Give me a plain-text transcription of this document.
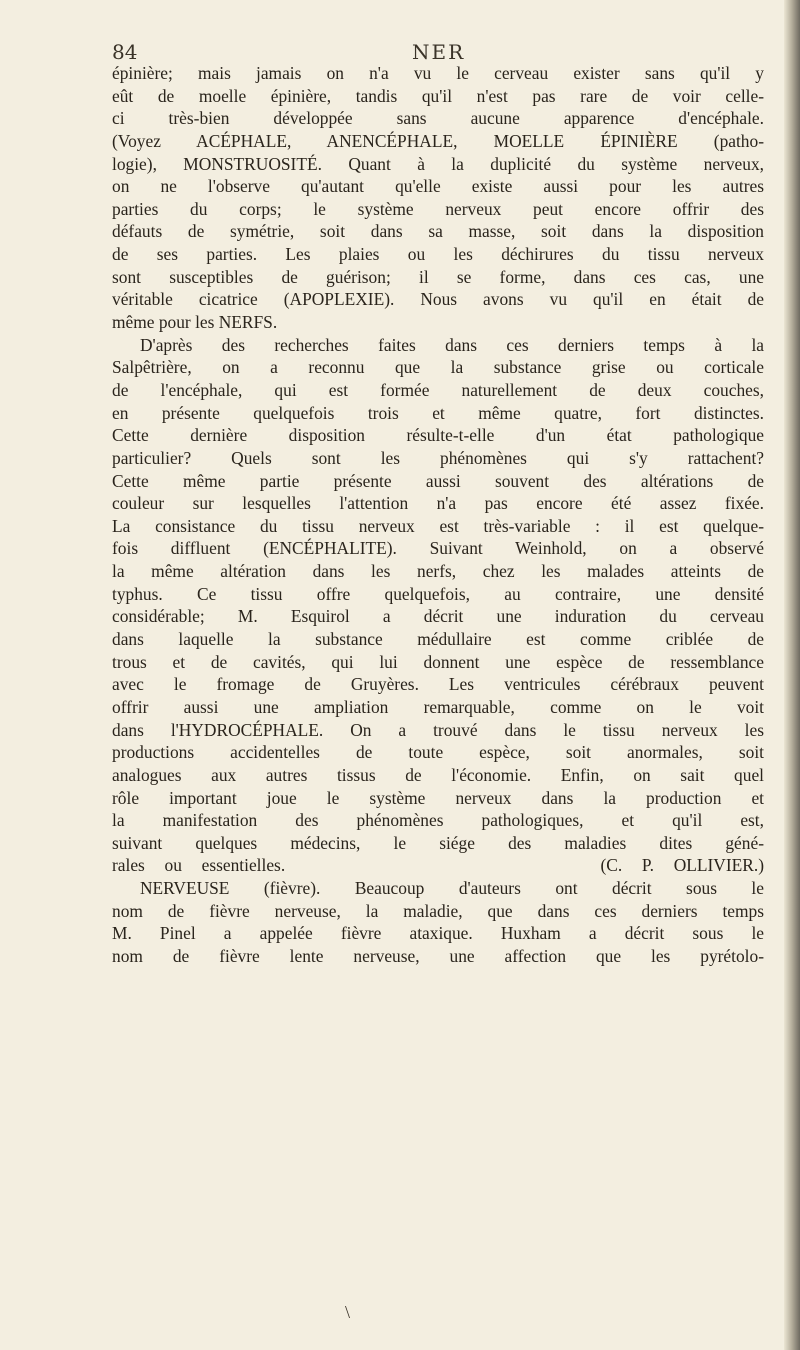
84	NER
épinière; mais jamais on n'a vu le cerveau exister sans qu'il y
eût de moelle épinière, tandis qu'il n'est pas rare de voir celle-
ci très-bien développée sans aucune apparence d'encéphale.
(Voyez ACÉPHALE, ANENCÉPHALE, MOELLE ÉPINIÈRE (patho-
logie), MONSTRUOSITÉ. Quant à la duplicité du système nerveux,
on ne l'observe qu'autant qu'elle existe aussi pour les autres
parties du corps; le système nerveux peut encore offrir des
défauts de symétrie, soit dans sa masse, soit dans la disposition
de ses parties. Les plaies ou les déchirures du tissu nerveux
sont susceptibles de guérison; il se forme, dans ces cas, une
véritable cicatrice (APOPLEXIE). Nous avons vu qu'il en était de
même pour les NERFS.
D'après des recherches faites dans ces derniers temps à la
Salpêtrière, on a reconnu que la substance grise ou corticale
de l'encéphale, qui est formée naturellement de deux couches,
en présente quelquefois trois et même quatre, fort distinctes.
Cette dernière disposition résulte-t-elle d'un état pathologique
particulier? Quels sont les phénomènes qui s'y rattachent?
Cette même partie présente aussi souvent des altérations de
couleur sur lesquelles l'attention n'a pas encore été assez fixée.
La consistance du tissu nerveux est très-variable : il est quelque-
fois diffluent (ENCÉPHALITE). Suivant Weinhold, on a observé
la même altération dans les nerfs, chez les malades atteints de
typhus. Ce tissu offre quelquefois, au contraire, une densité
considérable; M. Esquirol a décrit une induration du cerveau
dans laquelle la substance médullaire est comme criblée de
trous et de cavités, qui lui donnent une espèce de ressemblance
avec le fromage de Gruyères. Les ventricules cérébraux peuvent
offrir aussi une ampliation remarquable, comme on le voit
dans l'HYDROCÉPHALE. On a trouvé dans le tissu nerveux les
productions accidentelles de toute espèce, soit anormales, soit
analogues aux autres tissus de l'économie. Enfin, on sait quel
rôle important joue le système nerveux dans la production et
la manifestation des phénomènes pathologiques, et qu'il est,
suivant quelques médecins, le siége des maladies dites géné-
rales ou essentielles.                (C. P. OLLIVIER.)
NERVEUSE (fièvre). Beaucoup d'auteurs ont décrit sous le
nom de fièvre nerveuse, la maladie, que dans ces derniers temps
M. Pinel a appelée fièvre ataxique. Huxham a décrit sous le
nom de fièvre lente nerveuse, une affection que les pyrétolo-
\
